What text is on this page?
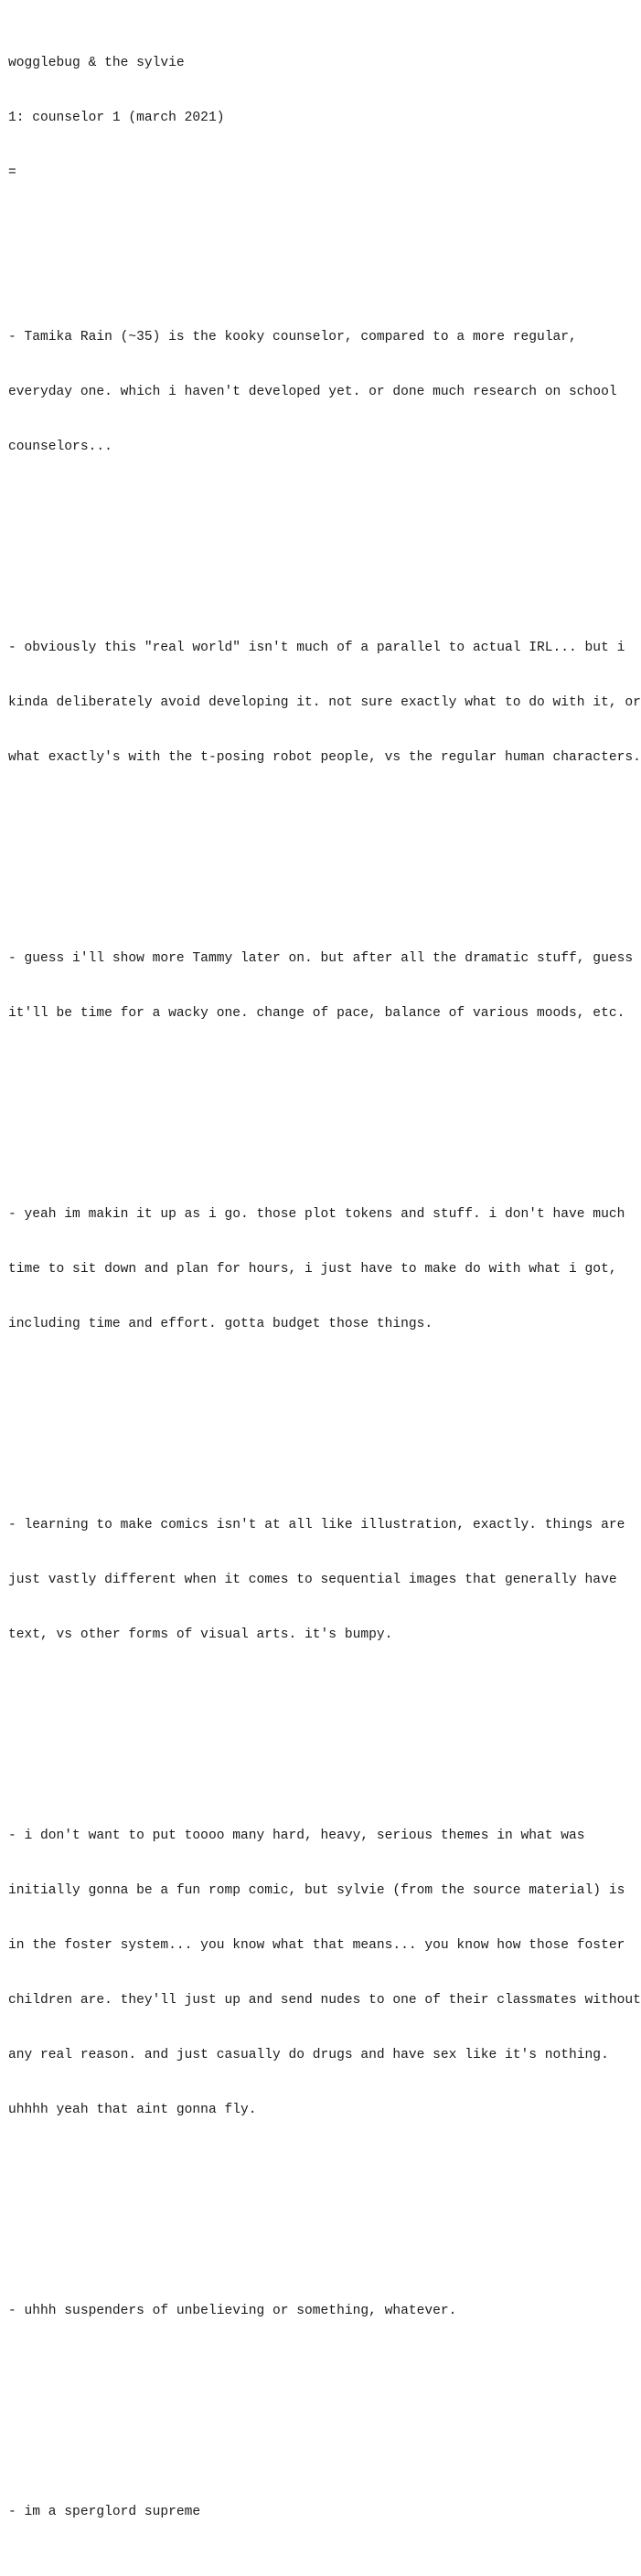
wogglebug & the sylvie

1: counselor 1 (march 2021)

=

- Tamika Rain (~35) is the kooky counselor, compared to a more regular,

everyday one. which i haven't developed yet. or done much research on school

counselors...

- obviously this "real world" isn't much of a parallel to actual IRL... but i

kinda deliberately avoid developing it. not sure exactly what to do with it, or

what exactly's with the t-posing robot people, vs the regular human characters.

- guess i'll show more Tammy later on. but after all the dramatic stuff, guess

it'll be time for a wacky one. change of pace, balance of various moods, etc.

- yeah im makin it up as i go. those plot tokens and stuff. i don't have much

time to sit down and plan for hours, i just have to make do with what i got,

including time and effort. gotta budget those things.

- learning to make comics isn't at all like illustration, exactly. things are

just vastly different when it comes to sequential images that generally have

text, vs other forms of visual arts. it's bumpy.

- i don't want to put toooo many hard, heavy, serious themes in what was

initially gonna be a fun romp comic, but sylvie (from the source material) is

in the foster system... you know what that means... you know how those foster

children are. they'll just up and send nudes to one of their classmates without

any real reason. and just casually do drugs and have sex like it's nothing.

uhhhh yeah that aint gonna fly.

- uhhh suspenders of unbelieving or something, whatever.

- im a sperglord supreme
